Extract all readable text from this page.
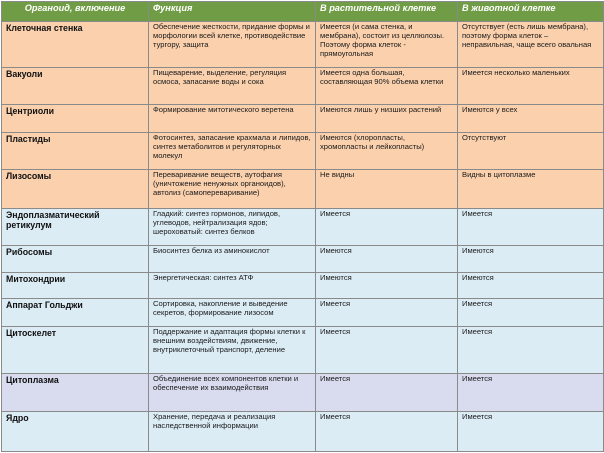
Органоид, включение	Функция	В растительной клетке	В животной клетке
Клеточная стенка	Обеспечение жесткости, придание формы и морфологии всей клетке, противодействие тургору, защита	Имеется (и сама стенка, и мембрана), состоит из целлюлозы. Поэтому форма клеток - прямоугольная	Отсутствует (есть лишь мембрана), поэтому форма клеток – неправильная, чаще всего овальная
Вакуоли	Пищеварение, выделение, регуляция осмоса, запасание воды и сока	Имеется одна большая, составляющая 90% объема клетки	Имеется несколько маленьких
Центриоли	Формирование митотического веретена	Имеются лишь у низших растений	Имеются у всех
Пластиды	Фотосинтез, запасание крахмала и липидов, синтез метаболитов и регуляторных молекул	Имеются (хлоропласты, хромопласты и лейкопласты)	Отсутствуют
Лизосомы	Переваривание веществ, аутофагия (уничтожение ненужных органоидов), автолиз (самопереваривание)	Не видны	Видны в цитоплазме
Эндоплазматический ретикулум	Гладкий: синтез гормонов, липидов, углеводов, нейтрализация ядов; шероховатый: синтез белков	Имеется	Имеется
Рибосомы	Биосинтез белка из аминокислот	Имеются	Имеются
Митохондрии	Энергетическая: синтез АТФ	Имеются	Имеются
Аппарат Гольджи	Сортировка, накопление и выведение секретов, формирование лизосом	Имеется	Имеется
Цитоскелет	Поддержание и адаптация формы клетки к внешним воздействиям, движение, внутриклеточный транспорт, деление	Имеется	Имеется
Цитоплазма	Объединение всех компонентов клетки и обеспечение их взаимодействия	Имеется	Имеется
Ядро	Хранение, передача и реализация наследственной информации	Имеется	Имеется
